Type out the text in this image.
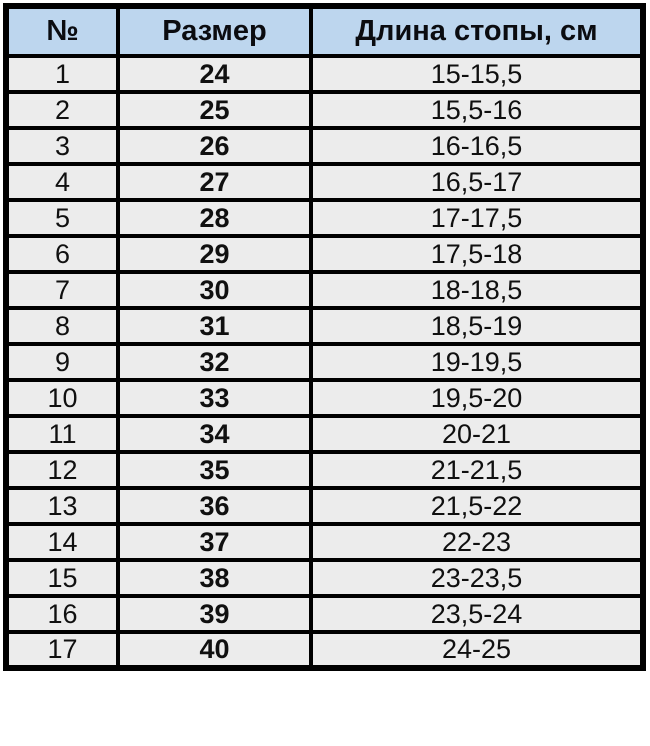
№	Размер	Длина стопы, см
1	24	15-15,5
2	25	15,5-16
3	26	16-16,5
4	27	16,5-17
5	28	17-17,5
6	29	17,5-18
7	30	18-18,5
8	31	18,5-19
9	32	19-19,5
10	33	19,5-20
11	34	20-21
12	35	21-21,5
13	36	21,5-22
14	37	22-23
15	38	23-23,5
16	39	23,5-24
17	40	24-25
